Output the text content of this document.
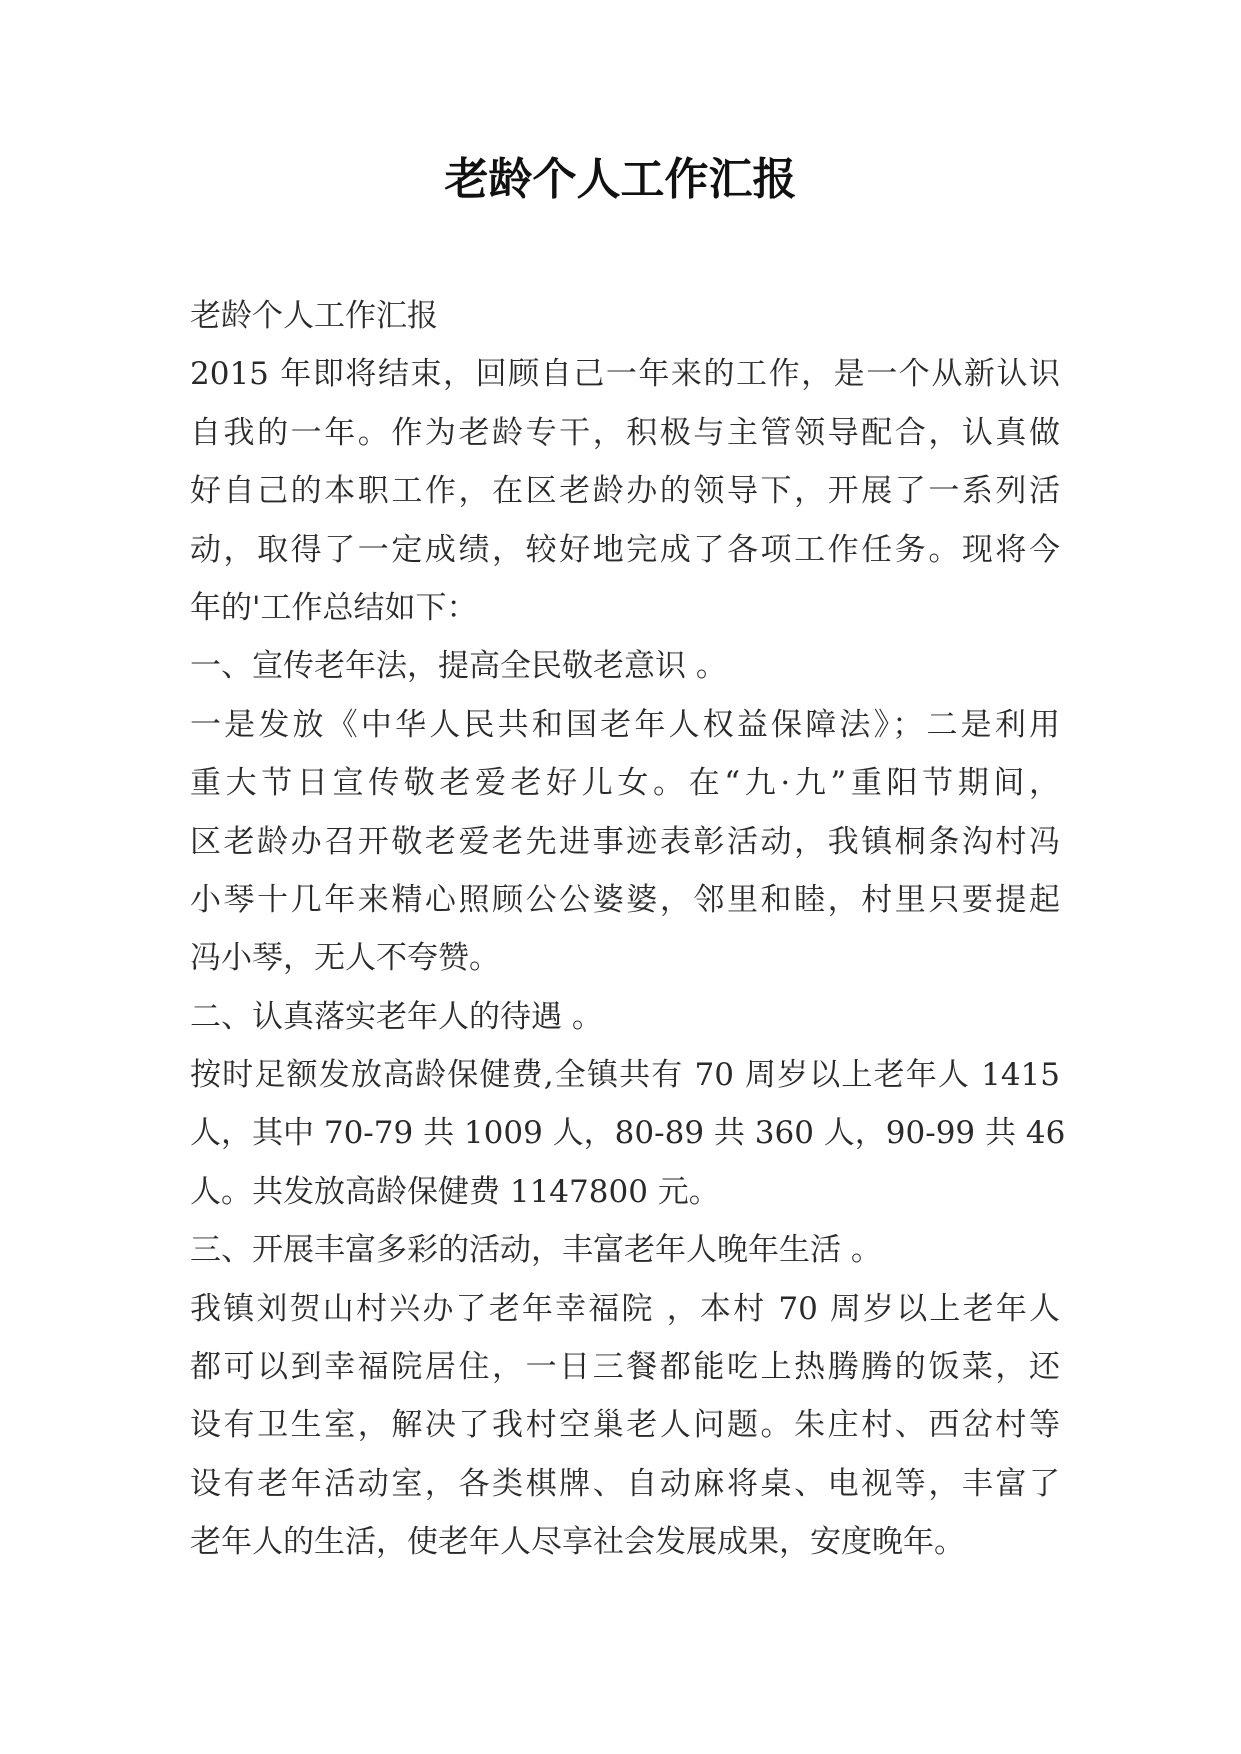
老龄个人工作汇报
老龄个人工作汇报
2015 年即将结束，回顾自己一年来的工作，是一个从新认识
自我的一年。作为老龄专干，积极与主管领导配合，认真做
好自己的本职工作，在区老龄办的领导下，开展了一系列活
动，取得了一定成绩，较好地完成了各项工作任务。现将今
年的'工作总结如下：
一、宣传老年法，提高全民敬老意识 。
一是发放《中华人民共和国老年人权益保障法》；二是利用
重大节日宣传敬老爱老好儿女。在“九·九”重阳节期间，
区老龄办召开敬老爱老先进事迹表彰活动，我镇桐条沟村冯
小琴十几年来精心照顾公公婆婆，邻里和睦，村里只要提起
冯小琴，无人不夸赞。
二、认真落实老年人的待遇 。
按时足额发放高龄保健费,全镇共有 70 周岁以上老年人 1415
人，其中 70-79 共 1009 人，80-89 共 360 人，90-99 共 46
人。共发放高龄保健费 1147800 元。
三、开展丰富多彩的活动，丰富老年人晚年生活 。
我镇刘贺山村兴办了老年幸福院 ，本村 70 周岁以上老年人
都可以到幸福院居住，一日三餐都能吃上热腾腾的饭菜，还
设有卫生室，解决了我村空巢老人问题。朱庄村、西岔村等
设有老年活动室，各类棋牌、自动麻将桌、电视等，丰富了
老年人的生活，使老年人尽享社会发展成果，安度晚年。
